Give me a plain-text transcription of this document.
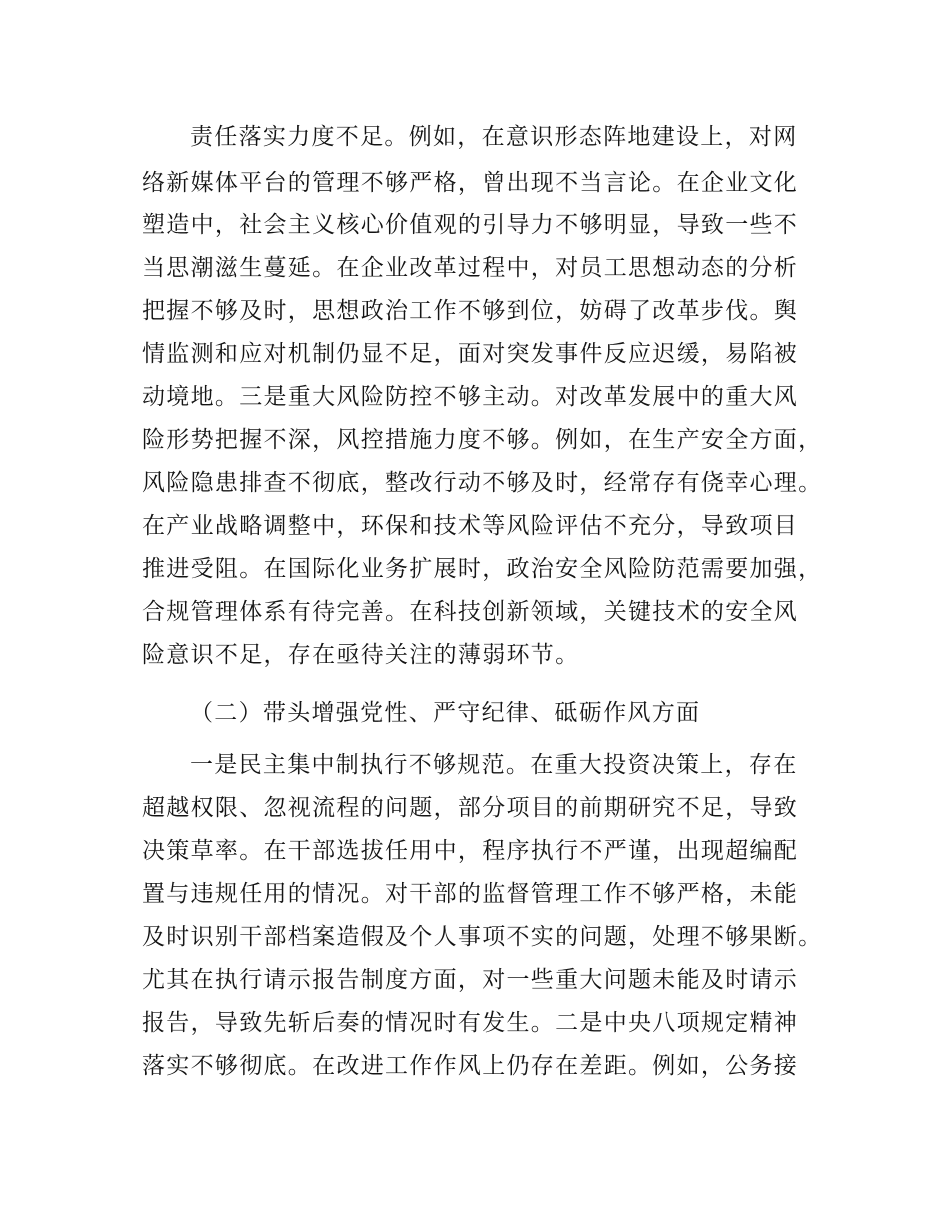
责任落实力度不足。例如，在意识形态阵地建设上，对网
络新媒体平台的管理不够严格，曾出现不当言论。在企业文化
塑造中，社会主义核心价值观的引导力不够明显，导致一些不
当思潮滋生蔓延。在企业改革过程中，对员工思想动态的分析
把握不够及时，思想政治工作不够到位，妨碍了改革步伐。舆
情监测和应对机制仍显不足，面对突发事件反应迟缓，易陷被
动境地。三是重大风险防控不够主动。对改革发展中的重大风
险形势把握不深，风控措施力度不够。例如，在生产安全方面，
风险隐患排查不彻底，整改行动不够及时，经常存有侥幸心理。
在产业战略调整中，环保和技术等风险评估不充分，导致项目
推进受阻。在国际化业务扩展时，政治安全风险防范需要加强，
合规管理体系有待完善。在科技创新领域，关键技术的安全风
险意识不足，存在亟待关注的薄弱环节。
（二）带头增强党性、严守纪律、砥砺作风方面
一是民主集中制执行不够规范。在重大投资决策上，存在
超越权限、忽视流程的问题，部分项目的前期研究不足，导致
决策草率。在干部选拔任用中，程序执行不严谨，出现超编配
置与违规任用的情况。对干部的监督管理工作不够严格，未能
及时识别干部档案造假及个人事项不实的问题，处理不够果断。
尤其在执行请示报告制度方面，对一些重大问题未能及时请示
报告，导致先斩后奏的情况时有发生。二是中央八项规定精神
落实不够彻底。在改进工作作风上仍存在差距。例如，公务接
